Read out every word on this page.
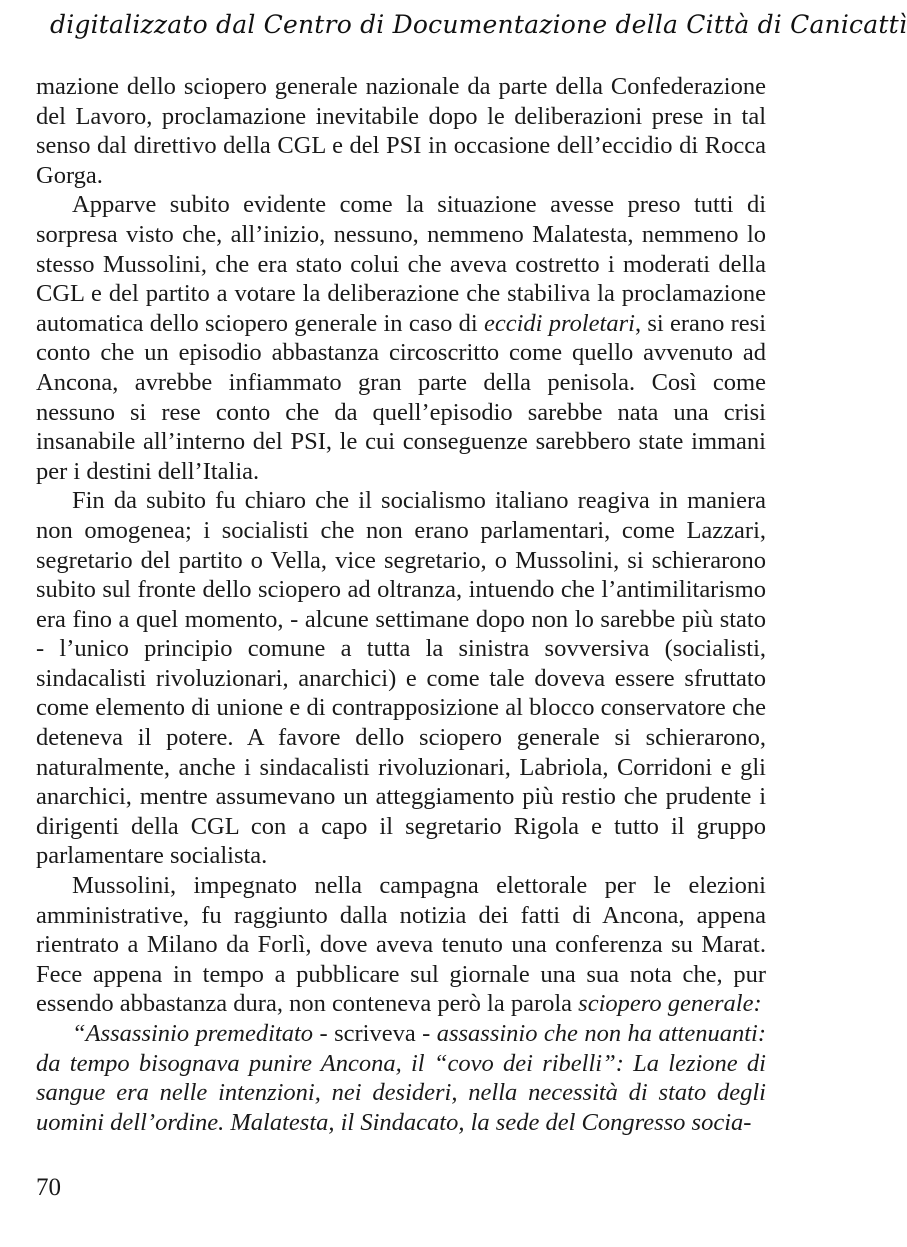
digitalizzato dal Centro di Documentazione della Città di Canicattì

mazione dello sciopero generale nazionale da parte della Confederazione del Lavoro, proclamazione inevitabile dopo le deliberazioni prese in tal senso dal direttivo della CGL e del PSI in occasione dell’eccidio di Rocca Gorga.

Apparve subito evidente come la situazione avesse preso tutti di sorpresa visto che, all’inizio, nessuno, nemmeno Malatesta, nemmeno lo stesso Mussolini, che era stato colui che aveva costretto i moderati della CGL e del partito a votare la deliberazione che stabiliva la proclamazione automatica dello sciopero generale in caso di eccidi proletari, si erano resi conto che un episodio abbastanza circoscritto come quello avvenuto ad Ancona, avrebbe infiammato gran parte della penisola. Così come nessuno si rese conto che da quell’episodio sarebbe nata una crisi insanabile all’interno del PSI, le cui conseguenze sarebbero state immani per i destini dell’Italia.

Fin da subito fu chiaro che il socialismo italiano reagiva in maniera non omogenea; i socialisti che non erano parlamentari, come Lazzari, segretario del partito o Vella, vice segretario, o Mussolini, si schierarono subito sul fronte dello sciopero ad oltranza, intuendo che l’antimilitarismo era fino a quel momento, - alcune settimane dopo non lo sarebbe più stato - l’unico principio comune a tutta la sinistra sovversiva (socialisti, sindacalisti rivoluzionari, anarchici) e come tale doveva essere sfruttato come elemento di unione e di contrapposizione al blocco conservatore che deteneva il potere. A favore dello sciopero generale si schierarono, naturalmente, anche i sindacalisti rivoluzionari, Labriola, Corridoni e gli anarchici, mentre assumevano un atteggiamento più restio che prudente i dirigenti della CGL con a capo il segretario Rigola e tutto il gruppo parlamentare socialista.

Mussolini, impegnato nella campagna elettorale per le elezioni amministrative, fu raggiunto dalla notizia dei fatti di Ancona, appena rientrato a Milano da Forlì, dove aveva tenuto una conferenza su Marat. Fece appena in tempo a pubblicare sul giornale una sua nota che, pur essendo abbastanza dura, non conteneva però la parola sciopero generale:

“Assassinio premeditato - scriveva - assassinio che non ha attenuanti: da tempo bisognava punire Ancona, il “covo dei ribelli”: La lezione di sangue era nelle intenzioni, nei desideri, nella necessità di stato degli uomini dell’ordine. Malatesta, il Sindacato, la sede del Congresso socia-

70
